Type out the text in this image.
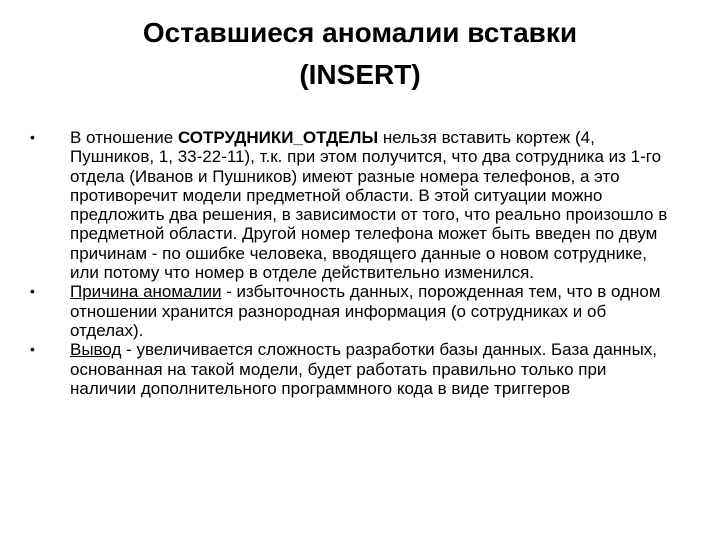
Оставшиеся аномалии вставки
(INSERT)
•	В отношение СОТРУДНИКИ_ОТДЕЛЫ нельзя вставить кортеж (4, Пушников, 1, 33-22-11), т.к. при этом получится, что два сотрудника из 1-го отдела (Иванов и Пушников) имеют разные номера телефонов, а это противоречит модели предметной области. В этой ситуации можно предложить два решения, в зависимости от того, что реально произошло в предметной области. Другой номер телефона может быть введен по двум причинам - по ошибке человека, вводящего данные о новом сотруднике, или потому что номер в отделе действительно изменился.
•	Причина аномалии - избыточность данных, порожденная тем, что в одном отношении хранится разнородная информация (о сотрудниках и об отделах).
•	Вывод - увеличивается сложность разработки базы данных. База данных, основанная на такой модели, будет работать правильно только при наличии дополнительного программного кода в виде триггеров
